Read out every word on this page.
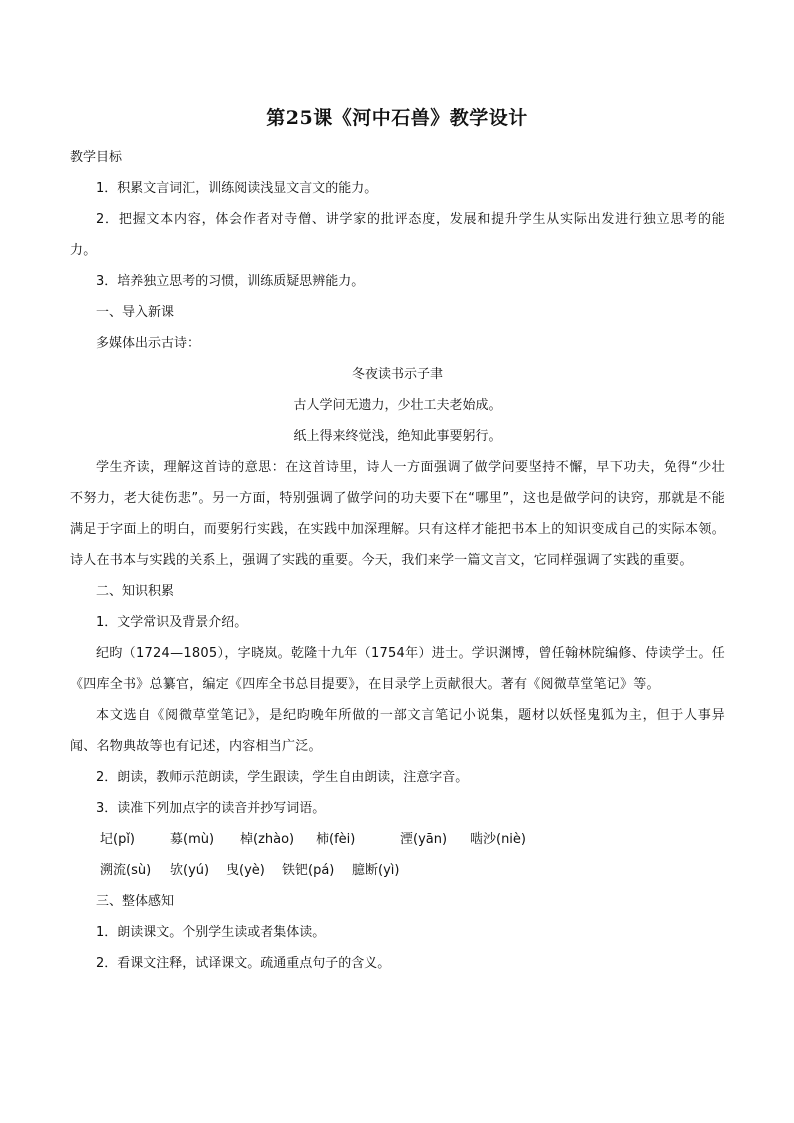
第25课《河中石兽》教学设计

教学目标

1．积累文言词汇，训练阅读浅显文言文的能力。

2．把握文本内容，体会作者对寺僧、讲学家的批评态度，发展和提升学生从实际出发进行独立思考的能力。

3．培养独立思考的习惯，训练质疑思辨能力。

一、导入新课

多媒体出示古诗：

冬夜读书示子聿

古人学问无遗力，少壮工夫老始成。

纸上得来终觉浅，绝知此事要躬行。

学生齐读，理解这首诗的意思：在这首诗里，诗人一方面强调了做学问要坚持不懈，早下功夫，免得“少壮不努力，老大徒伤悲”。另一方面，特别强调了做学问的功夫要下在“哪里”，这也是做学问的诀窍，那就是不能满足于字面上的明白，而要躬行实践，在实践中加深理解。只有这样才能把书本上的知识变成自己的实际本领。诗人在书本与实践的关系上，强调了实践的重要。今天，我们来学一篇文言文，它同样强调了实践的重要。

二、知识积累

1．文学常识及背景介绍。

纪昀（1724—1805），字晓岚。乾隆十九年（1754年）进士。学识渊博，曾任翰林院编修、侍读学士。任《四库全书》总纂官，编定《四库全书总目提要》，在目录学上贡献很大。著有《阅微草堂笔记》等。

本文选自《阅微草堂笔记》，是纪昀晚年所做的一部文言笔记小说集，题材以妖怪鬼狐为主，但于人事异闻、名物典故等也有记述，内容相当广泛。

2．朗读，教师示范朗读，学生跟读，学生自由朗读，注意字音。

3．读准下列加点字的读音并抄写词语。

圮(pǐ)	募(mù)	棹(zhào)	柿(fèi)	湮(yān)	啮沙(niè)
溯流(sù)	欤(yú)	曳(yè)	铁钯(pá)	臆断(yì)

三、整体感知

1．朗读课文。个别学生读或者集体读。

2．看课文注释，试译课文。疏通重点句子的含义。
